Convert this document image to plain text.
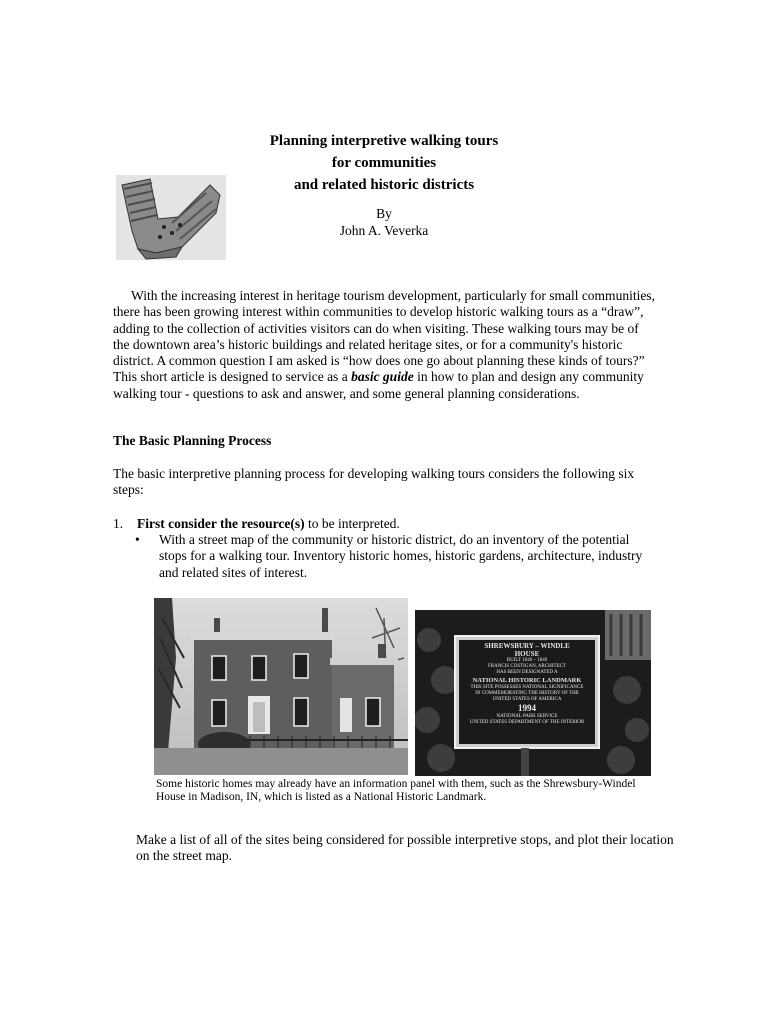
Planning interpretive walking tours
for communities
and related historic districts
By
John A. Veverka
With the increasing interest in heritage tourism development, particularly for small communities, there has been growing interest within communities to develop historic walking tours as a “draw”, adding to the collection of activities visitors can do when visiting. These walking tours may be of the downtown area’s historic buildings and related heritage sites, or for a community's historic district. A common question I am asked is “how does one go about planning these kinds of tours?” This short article is designed to service as a basic guide in how to plan and design any community walking tour - questions to ask and answer, and some general planning considerations.
The Basic Planning Process
The basic interpretive planning process for developing walking tours considers the following six steps:
1. First consider the resource(s) to be interpreted.
•	With a street map of the community or historic district, do an inventory of the potential stops for a walking tour. Inventory historic homes, historic gardens, architecture, industry and related sites of interest.
SHREWSBURY – WINDLE
HOUSE
BUILT 1846 – 1849
FRANCIS COSTIGAN, ARCHITECT
HAS BEEN DESIGNATED A
NATIONAL HISTORIC LANDMARK
THIS SITE POSSESSES NATIONAL SIGNIFICANCE
IN COMMEMORATING THE HISTORY OF THE
UNITED STATES OF AMERICA
1994
NATIONAL PARK SERVICE
UNITED STATES DEPARTMENT OF THE INTERIOR
Some historic homes may already have an information panel with them, such as the Shrewsbury-Windel House in Madison, IN, which is listed as a National Historic Landmark.
Make a list of all of the sites being considered for possible interpretive stops, and plot their location on the street map.
